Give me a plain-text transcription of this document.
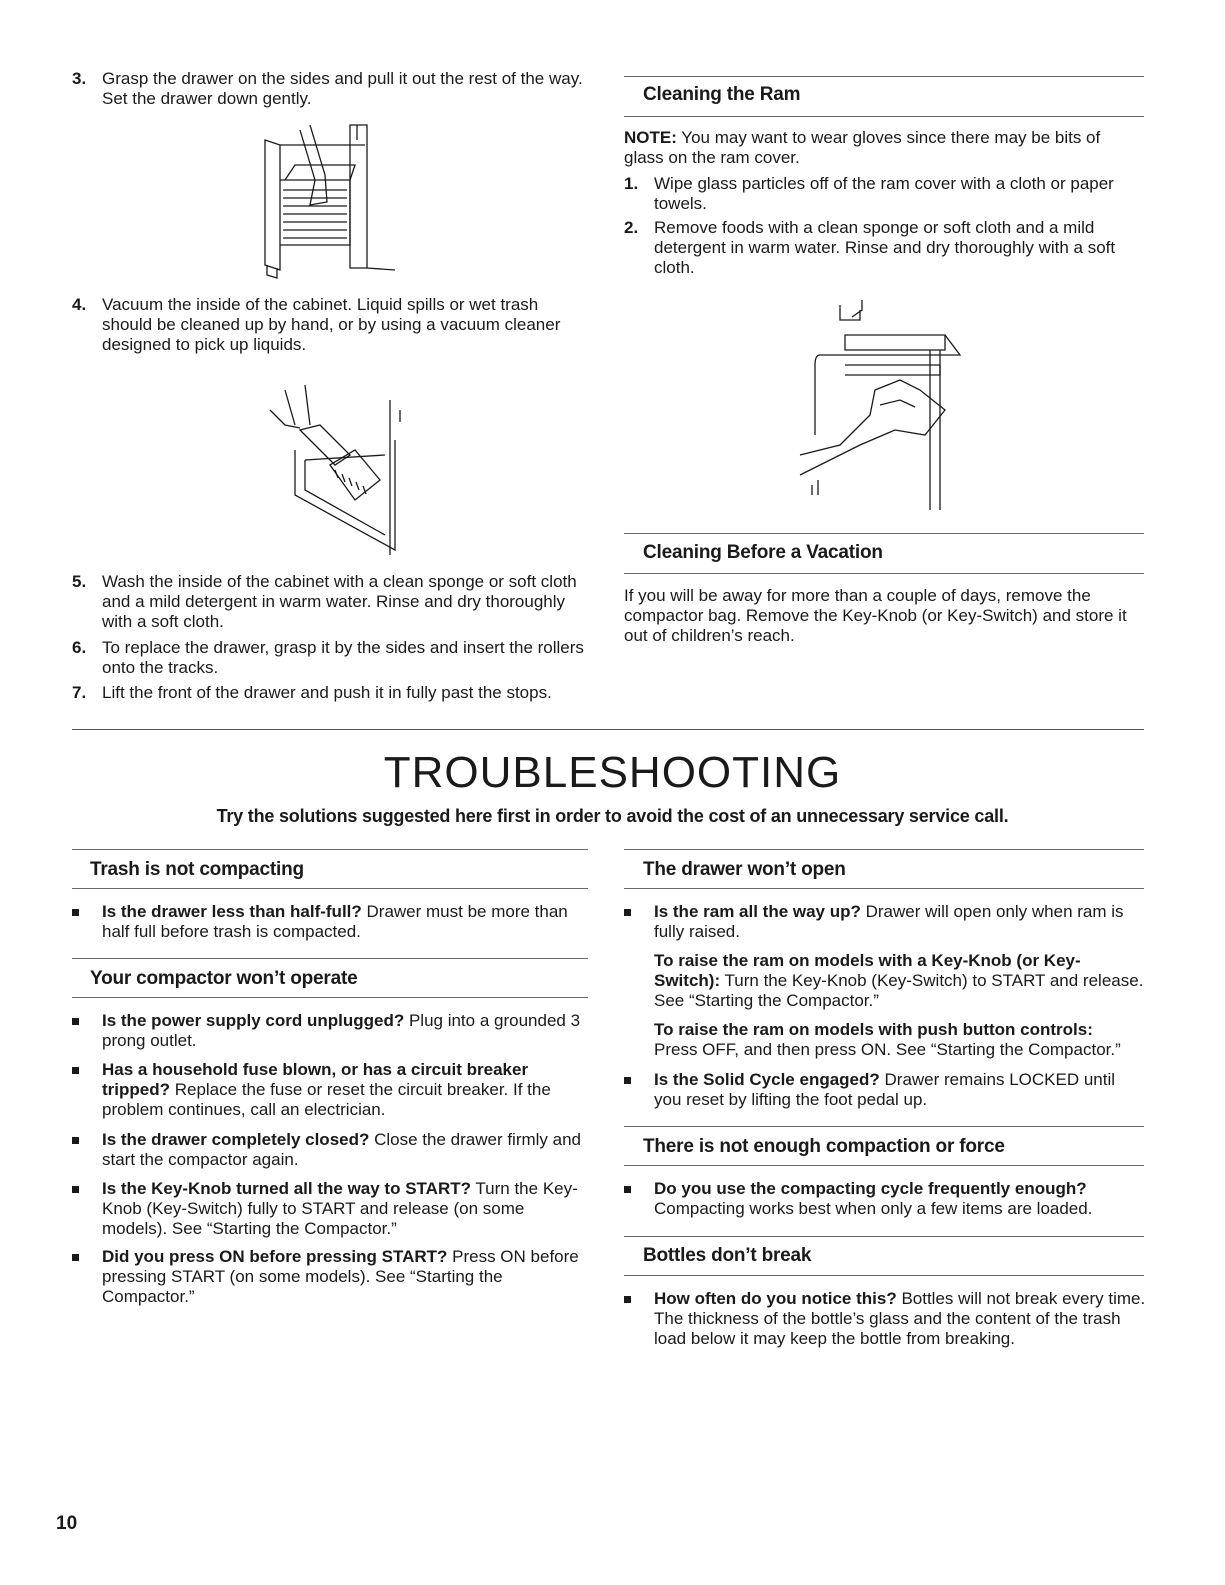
3. Grasp the drawer on the sides and pull it out the rest of the way. Set the drawer down gently.
4. Vacuum the inside of the cabinet. Liquid spills or wet trash should be cleaned up by hand, or by using a vacuum cleaner designed to pick up liquids.
5. Wash the inside of the cabinet with a clean sponge or soft cloth and a mild detergent in warm water. Rinse and dry thoroughly with a soft cloth.
6. To replace the drawer, grasp it by the sides and insert the rollers onto the tracks.
7. Lift the front of the drawer and push it in fully past the stops.
Cleaning the Ram
NOTE: You may want to wear gloves since there may be bits of glass on the ram cover.
1. Wipe glass particles off of the ram cover with a cloth or paper towels.
2. Remove foods with a clean sponge or soft cloth and a mild detergent in warm water. Rinse and dry thoroughly with a soft cloth.
Cleaning Before a Vacation
If you will be away for more than a couple of days, remove the compactor bag. Remove the Key-Knob (or Key-Switch) and store it out of children’s reach.
TROUBLESHOOTING
Try the solutions suggested here first in order to avoid the cost of an unnecessary service call.
Trash is not compacting
Is the drawer less than half-full? Drawer must be more than half full before trash is compacted.
Your compactor won’t operate
Is the power supply cord unplugged? Plug into a grounded 3 prong outlet.
Has a household fuse blown, or has a circuit breaker tripped? Replace the fuse or reset the circuit breaker. If the problem continues, call an electrician.
Is the drawer completely closed? Close the drawer firmly and start the compactor again.
Is the Key-Knob turned all the way to START? Turn the Key-Knob (Key-Switch) fully to START and release (on some models). See “Starting the Compactor.”
Did you press ON before pressing START? Press ON before pressing START (on some models). See “Starting the Compactor.”
The drawer won’t open
Is the ram all the way up? Drawer will open only when ram is fully raised.
To raise the ram on models with a Key-Knob (or Key-Switch): Turn the Key-Knob (Key-Switch) to START and release. See “Starting the Compactor.”
To raise the ram on models with push button controls:
Press OFF, and then press ON. See “Starting the Compactor.”
Is the Solid Cycle engaged? Drawer remains LOCKED until you reset by lifting the foot pedal up.
There is not enough compaction or force
Do you use the compacting cycle frequently enough?
Compacting works best when only a few items are loaded.
Bottles don’t break
How often do you notice this? Bottles will not break every time. The thickness of the bottle’s glass and the content of the trash load below it may keep the bottle from breaking.
10
